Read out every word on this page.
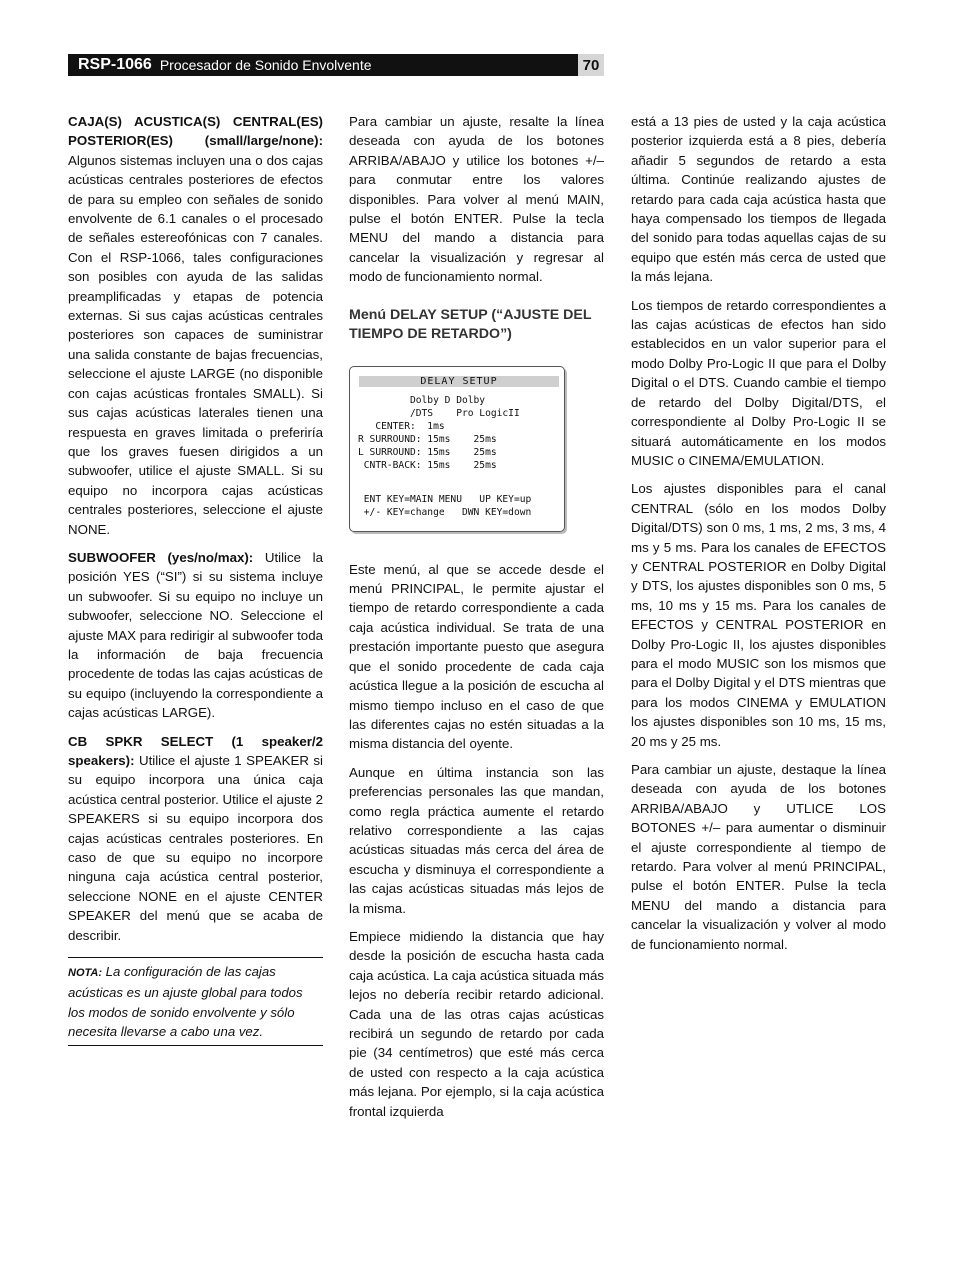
RSP-1066 Procesador de Sonido Envolvente	70

CAJA(S) ACUSTICA(S) CENTRAL(ES) POSTERIOR(ES) (small/large/none): Algunos sistemas incluyen una o dos cajas acústicas centrales posteriores de efectos de para su empleo con señales de sonido envolvente de 6.1 canales o el procesado de señales estereofónicas con 7 canales. Con el RSP-1066, tales configuraciones son posibles con ayuda de las salidas preamplificadas y etapas de potencia externas. Si sus cajas acústicas centrales posteriores son capaces de suministrar una salida constante de bajas frecuencias, seleccione el ajuste LARGE (no disponible con cajas acústicas frontales SMALL). Si sus cajas acústicas laterales tienen una respuesta en graves limitada o preferiría que los graves fuesen dirigidos a un subwoofer, utilice el ajuste SMALL. Si su equipo no incorpora cajas acústicas centrales posteriores, seleccione el ajuste NONE.

SUBWOOFER (yes/no/max): Utilice la posición YES (“SI”) si su sistema incluye un subwoofer. Si su equipo no incluye un subwoofer, seleccione NO. Seleccione el ajuste MAX para redirigir al subwoofer toda la información de baja frecuencia procedente de todas las cajas acústicas de su equipo (incluyendo la correspondiente a cajas acústicas LARGE).

CB SPKR SELECT (1 speaker/2 speakers): Utilice el ajuste 1 SPEAKER si su equipo incorpora una única caja acústica central posterior. Utilice el ajuste 2 SPEAKERS si su equipo incorpora dos cajas acústicas centrales posteriores. En caso de que su equipo no incorpore ninguna caja acústica central posterior, seleccione NONE en el ajuste CENTER SPEAKER del menú que se acaba de describir.

NOTA: La configuración de las cajas acústicas es un ajuste global para todos los modos de sonido envolvente y sólo necesita llevarse a cabo una vez.

Para cambiar un ajuste, resalte la línea deseada con ayuda de los botones ARRIBA/ABAJO y utilice los botones +/– para conmutar entre los valores disponibles. Para volver al menú MAIN, pulse el botón ENTER. Pulse la tecla MENU del mando a distancia para cancelar la visualización y regresar al modo de funcionamiento normal.

Menú DELAY SETUP (“AJUSTE DEL TIEMPO DE RETARDO”)
DELAY SETUP
Dolby D Dolby
/DTS    Pro LogicII
CENTER:  1ms
R SURROUND: 15ms    25ms
L SURROUND: 15ms    25ms
CNTR-BACK: 15ms    25ms
ENT KEY=MAIN MENU   UP KEY=up
+/- KEY=change   DWN KEY=down

Este menú, al que se accede desde el menú PRINCIPAL, le permite ajustar el tiempo de retardo correspondiente a cada caja acústica individual. Se trata de una prestación importante puesto que asegura que el sonido procedente de cada caja acústica llegue a la posición de escucha al mismo tiempo incluso en el caso de que las diferentes cajas no estén situadas a la misma distancia del oyente.

Aunque en última instancia son las preferencias personales las que mandan, como regla práctica aumente el retardo relativo correspondiente a las cajas acústicas situadas más cerca del área de escucha y disminuya el correspondiente a las cajas acústicas situadas más lejos de la misma.

Empiece midiendo la distancia que hay desde la posición de escucha hasta cada caja acústica. La caja acústica situada más lejos no debería recibir retardo adicional. Cada una de las otras cajas acústicas recibirá un segundo de retardo por cada pie (34 centímetros) que esté más cerca de usted con respecto a la caja acústica más lejana. Por ejemplo, si la caja acústica frontal izquierda

está a 13 pies de usted y la caja acústica posterior izquierda está a 8 pies, debería añadir 5 segundos de retardo a esta última. Continúe realizando ajustes de retardo para cada caja acústica hasta que haya compensado los tiempos de llegada del sonido para todas aquellas cajas de su equipo que estén más cerca de usted que la más lejana.

Los tiempos de retardo correspondientes a las cajas acústicas de efectos han sido establecidos en un valor superior para el modo Dolby Pro-Logic II que para el Dolby Digital o el DTS. Cuando cambie el tiempo de retardo del Dolby Digital/DTS, el correspondiente al Dolby Pro-Logic II se situará automáticamente en los modos MUSIC o CINEMA/EMULATION.

Los ajustes disponibles para el canal CENTRAL (sólo en los modos Dolby Digital/DTS) son 0 ms, 1 ms, 2 ms, 3 ms, 4 ms y 5 ms. Para los canales de EFECTOS y CENTRAL POSTERIOR en Dolby Digital y DTS, los ajustes disponibles son 0 ms, 5 ms, 10 ms y 15 ms. Para los canales de EFECTOS y CENTRAL POSTERIOR en Dolby Pro-Logic II, los ajustes disponibles para el modo MUSIC son los mismos que para el Dolby Digital y el DTS mientras que para los modos CINEMA y EMULATION los ajustes disponibles son 10 ms, 15 ms, 20 ms y 25 ms.

Para cambiar un ajuste, destaque la línea deseada con ayuda de los botones ARRIBA/ABAJO y UTLICE LOS BOTONES +/– para aumentar o disminuir el ajuste correspondiente al tiempo de retardo. Para volver al menú PRINCIPAL, pulse el botón ENTER. Pulse la tecla MENU del mando a distancia para cancelar la visualización y volver al modo de funcionamiento normal.
